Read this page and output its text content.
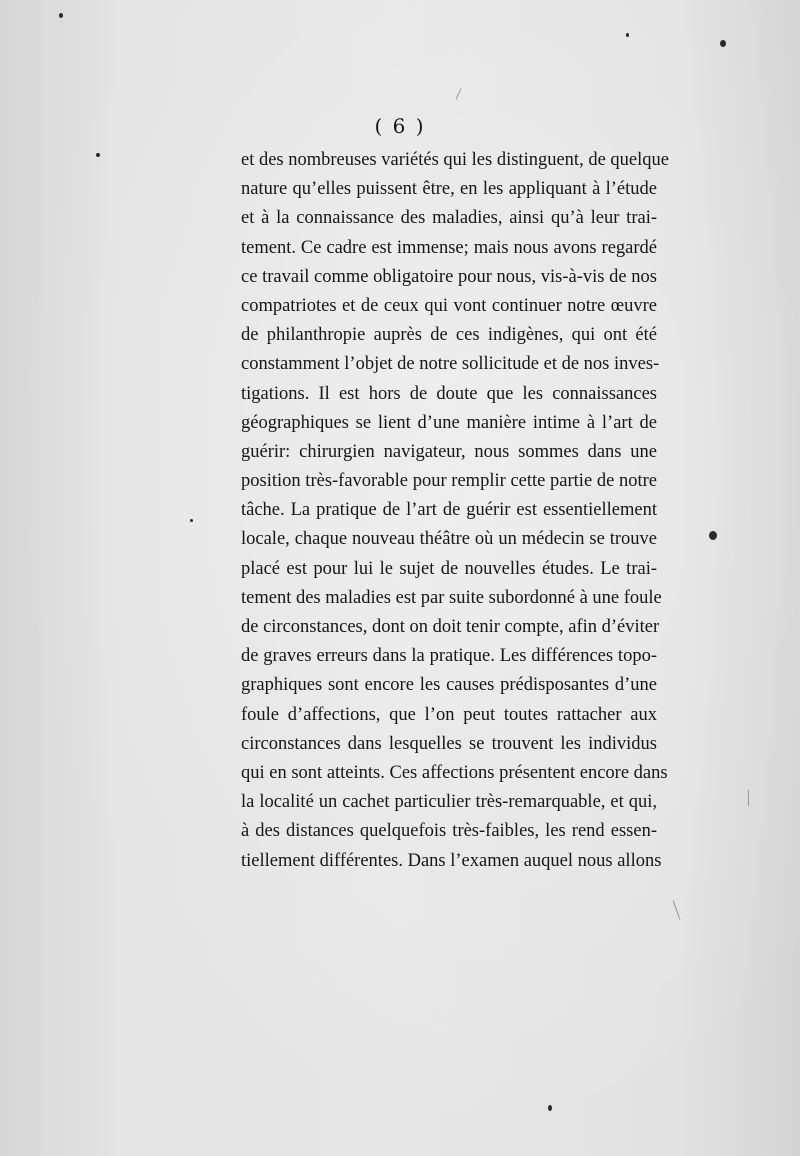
( 6 )
et des nombreuses variétés qui les distinguent, de quelque
nature qu’elles puissent être, en les appliquant à l’étude
et à la connaissance des maladies, ainsi qu’à leur trai-
tement. Ce cadre est immense; mais nous avons regardé
ce travail comme obligatoire pour nous, vis-à-vis de nos
compatriotes et de ceux qui vont continuer notre œuvre
de philanthropie auprès de ces indigènes, qui ont été
constamment l’objet de notre sollicitude et de nos inves-
tigations. Il est hors de doute que les connaissances
géographiques se lient d’une manière intime à l’art de
guérir: chirurgien navigateur, nous sommes dans une
position très-favorable pour remplir cette partie de notre
tâche. La pratique de l’art de guérir est essentiellement
locale, chaque nouveau théâtre où un médecin se trouve
placé est pour lui le sujet de nouvelles études. Le trai-
tement des maladies est par suite subordonné à une foule
de circonstances, dont on doit tenir compte, afin d’éviter
de graves erreurs dans la pratique. Les différences topo-
graphiques sont encore les causes prédisposantes d’une
foule d’affections, que l’on peut toutes rattacher aux
circonstances dans lesquelles se trouvent les individus
qui en sont atteints. Ces affections présentent encore dans
la localité un cachet particulier très-remarquable, et qui,
à des distances quelquefois très-faibles, les rend essen-
tiellement différentes. Dans l’examen auquel nous allons
